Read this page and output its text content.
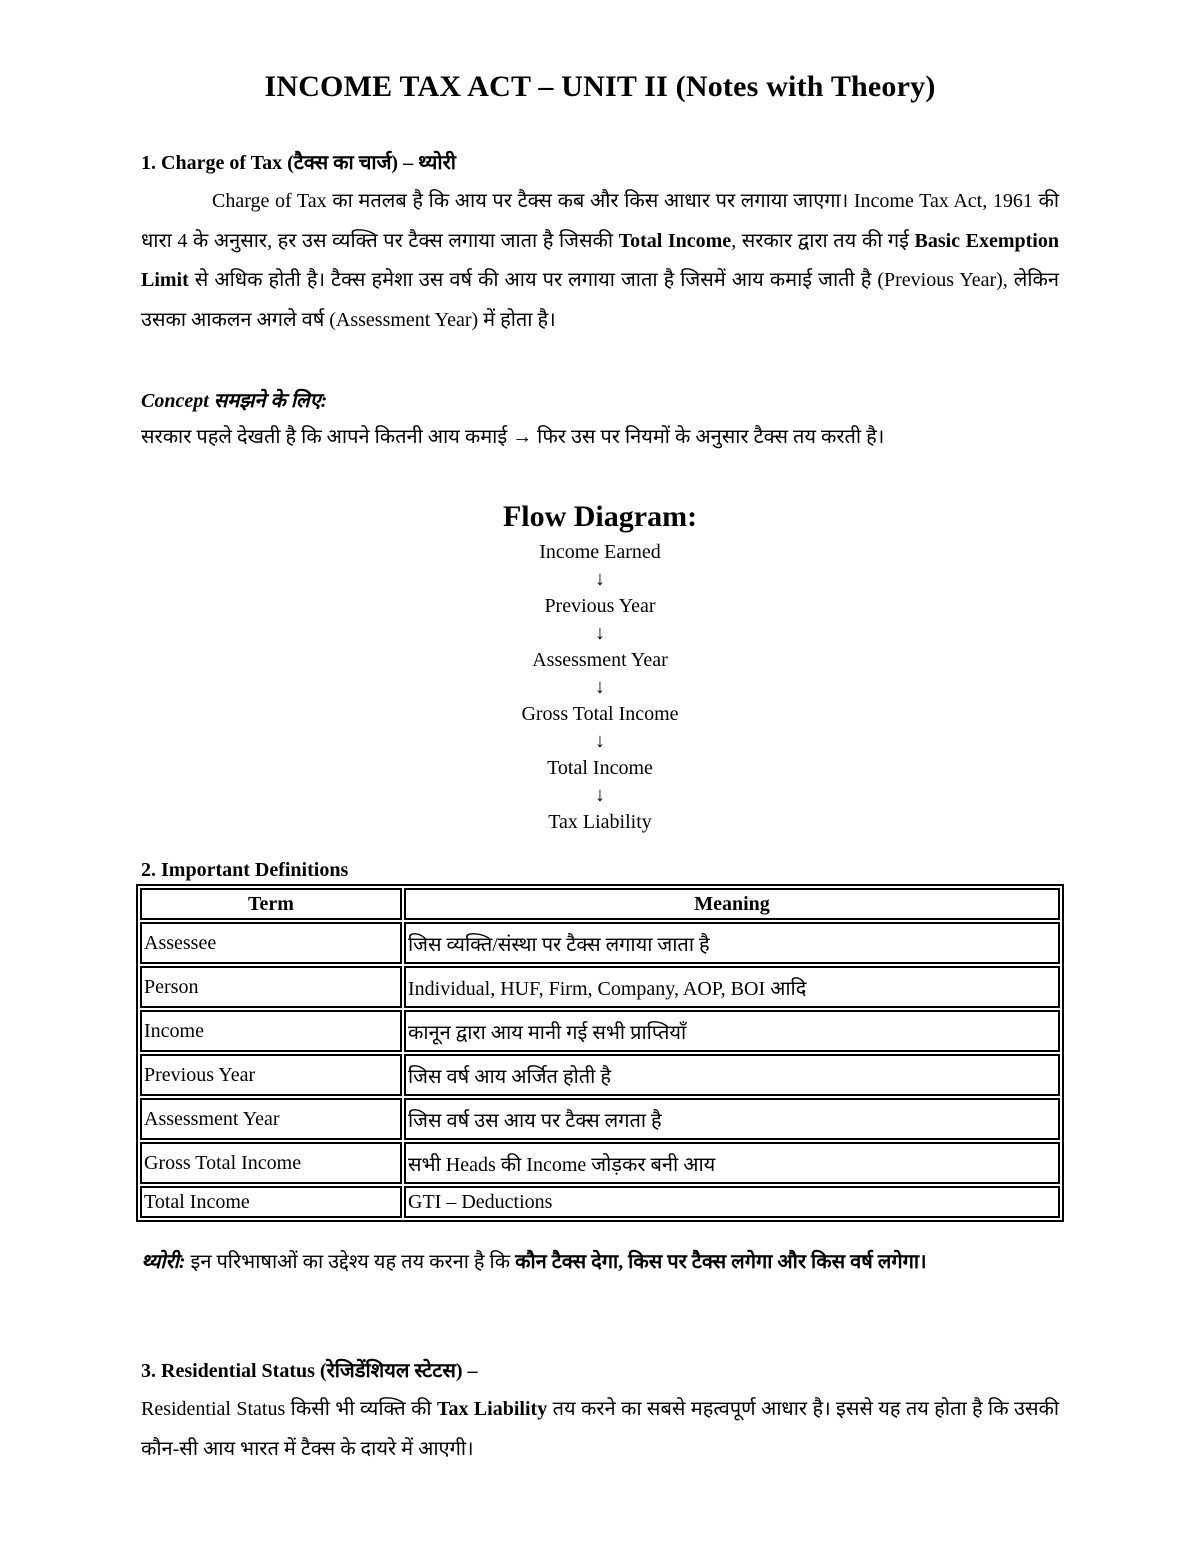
INCOME TAX ACT – UNIT II (Notes with Theory)
1. Charge of Tax (टैक्स का चार्ज) – थ्योरी
Charge of Tax का मतलब है कि आय पर टैक्स कब और किस आधार पर लगाया जाएगा। Income Tax Act, 1961 की धारा 4 के अनुसार, हर उस व्यक्ति पर टैक्स लगाया जाता है जिसकी Total Income, सरकार द्वारा तय की गई Basic Exemption Limit से अधिक होती है। टैक्स हमेशा उस वर्ष की आय पर लगाया जाता है जिसमें आय कमाई जाती है (Previous Year), लेकिन उसका आकलन अगले वर्ष (Assessment Year) में होता है।
Concept समझने के लिए:
सरकार पहले देखती है कि आपने कितनी आय कमाई → फिर उस पर नियमों के अनुसार टैक्स तय करती है।
Flow Diagram:
Income Earned
↓
Previous Year
↓
Assessment Year
↓
Gross Total Income
↓
Total Income
↓
Tax Liability
2. Important Definitions
Term	Meaning
Assessee	जिस व्यक्ति/संस्था पर टैक्स लगाया जाता है
Person	Individual, HUF, Firm, Company, AOP, BOI आदि
Income	कानून द्वारा आय मानी गई सभी प्राप्तियाँ
Previous Year	जिस वर्ष आय अर्जित होती है
Assessment Year	जिस वर्ष उस आय पर टैक्स लगता है
Gross Total Income	सभी Heads की Income जोड़कर बनी आय
Total Income	GTI – Deductions
थ्योरी: इन परिभाषाओं का उद्देश्य यह तय करना है कि कौन टैक्स देगा, किस पर टैक्स लगेगा और किस वर्ष लगेगा।
3. Residential Status (रेजिडेंशियल स्टेटस) –
Residential Status किसी भी व्यक्ति की Tax Liability तय करने का सबसे महत्वपूर्ण आधार है। इससे यह तय होता है कि उसकी कौन-सी आय भारत में टैक्स के दायरे में आएगी।
